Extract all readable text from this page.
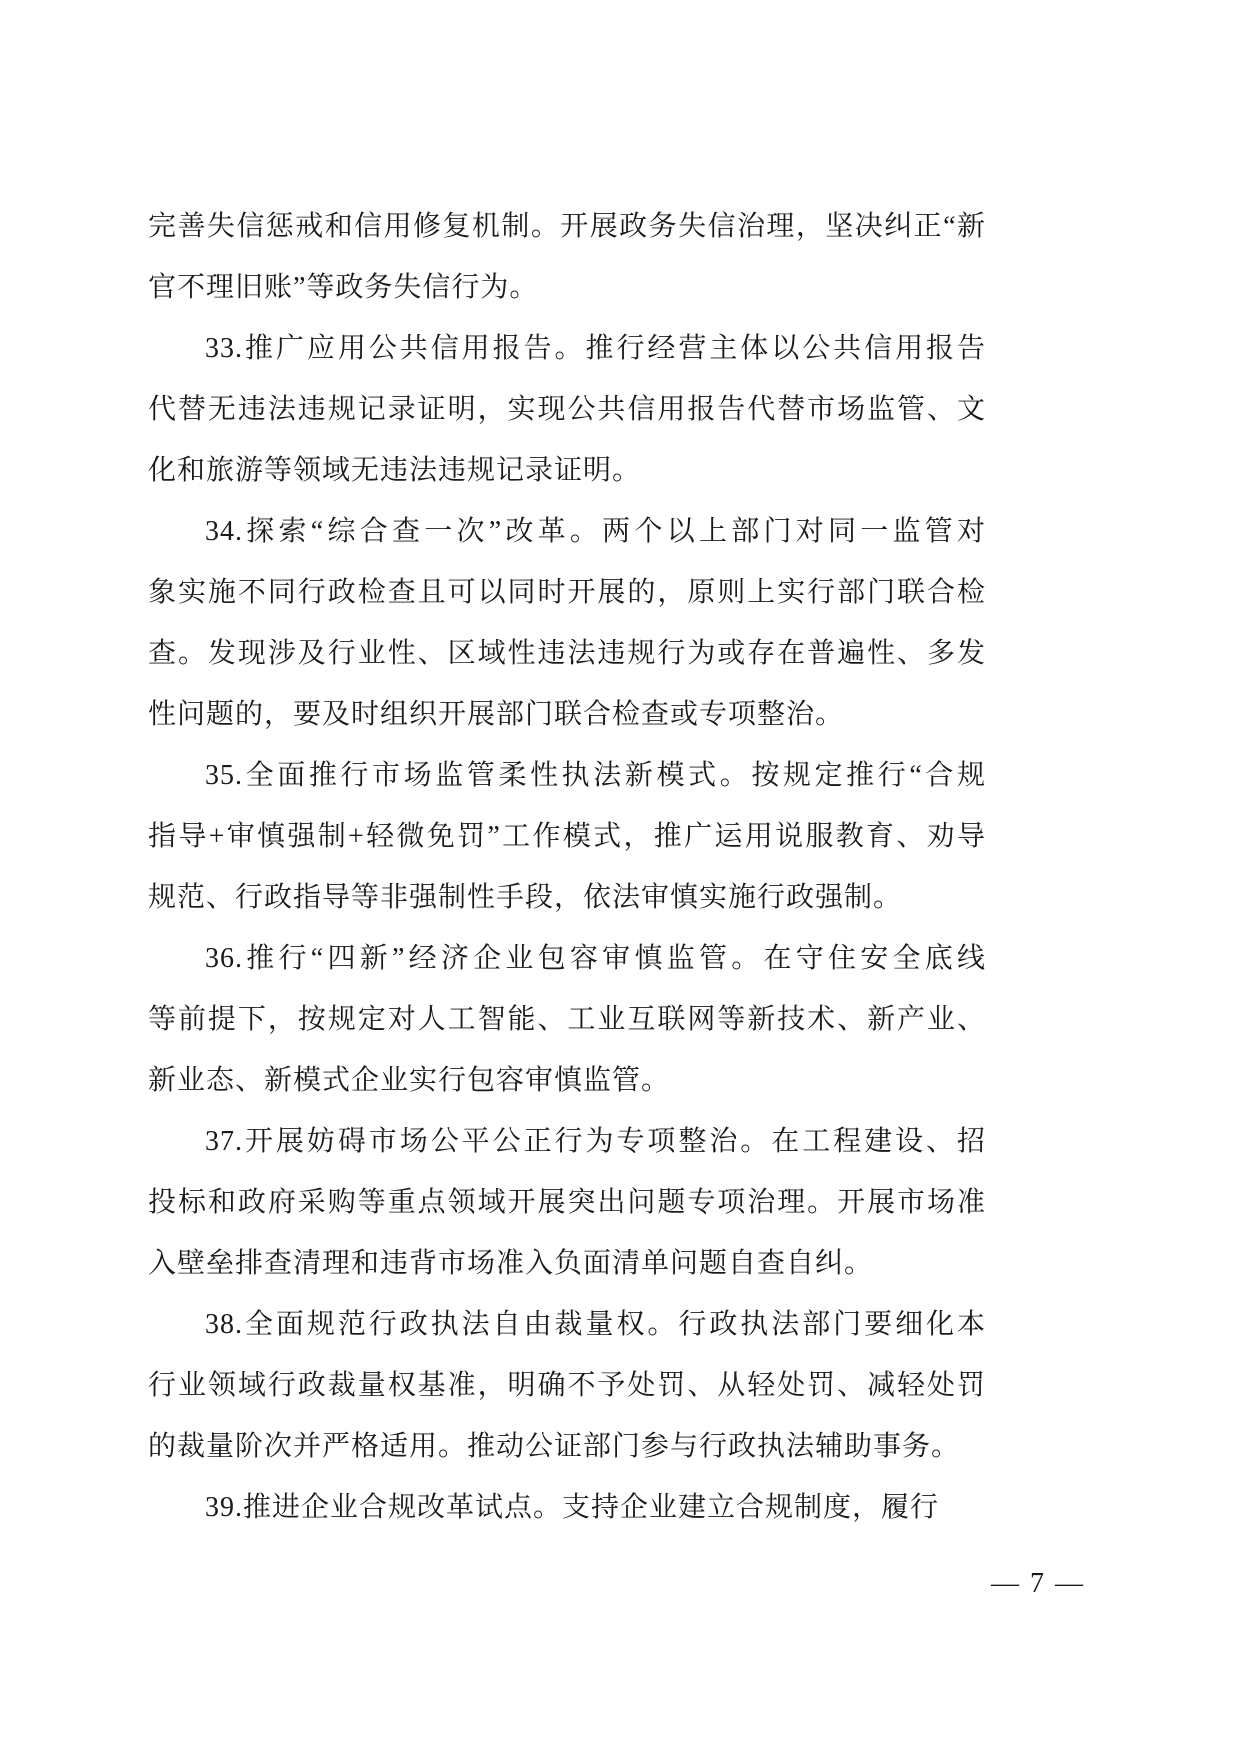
完善失信惩戒和信用修复机制。开展政务失信治理，坚决纠正“新
官不理旧账”等政务失信行为。
33.推广应用公共信用报告。推行经营主体以公共信用报告
代替无违法违规记录证明，实现公共信用报告代替市场监管、文
化和旅游等领域无违法违规记录证明。
34.探索“综合查一次”改革。两个以上部门对同一监管对
象实施不同行政检查且可以同时开展的，原则上实行部门联合检
查。发现涉及行业性、区域性违法违规行为或存在普遍性、多发
性问题的，要及时组织开展部门联合检查或专项整治。
35.全面推行市场监管柔性执法新模式。按规定推行“合规
指导+审慎强制+轻微免罚”工作模式，推广运用说服教育、劝导
规范、行政指导等非强制性手段，依法审慎实施行政强制。
36.推行“四新”经济企业包容审慎监管。在守住安全底线
等前提下，按规定对人工智能、工业互联网等新技术、新产业、
新业态、新模式企业实行包容审慎监管。
37.开展妨碍市场公平公正行为专项整治。在工程建设、招
投标和政府采购等重点领域开展突出问题专项治理。开展市场准
入壁垒排查清理和违背市场准入负面清单问题自查自纠。
38.全面规范行政执法自由裁量权。行政执法部门要细化本
行业领域行政裁量权基准，明确不予处罚、从轻处罚、减轻处罚
的裁量阶次并严格适用。推动公证部门参与行政执法辅助事务。
39.推进企业合规改革试点。支持企业建立合规制度，履行
— 7 —
